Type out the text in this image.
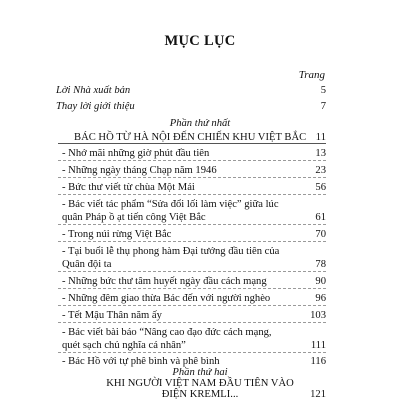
MỤC LỤC
Trang
Lời Nhà xuất bản	5
Thay lời giới thiệu	7
Phần thứ nhất
BÁC HỒ TỪ HÀ NỘI ĐẾN CHIẾN KHU VIỆT BẮC 11
- Nhớ mãi những giờ phút đầu tiên	13
- Những ngày tháng Chạp năm 1946	23
- Bức thư viết từ chùa Một Mái	56
- Bác viết tác phẩm “Sửa đổi lối làm việc” giữa lúc
quân Pháp ồ ạt tiến công Việt Bắc	61
- Trong núi rừng Việt Bắc	70
- Tại buổi lễ thụ phong hàm Đại tướng đầu tiên của
Quân đội ta	78
- Những bức thư tâm huyết ngày đầu cách mạng	90
- Những đêm giao thừa Bác đến với người nghèo	96
- Tết Mậu Thân năm ấy	103
- Bác viết bài báo “Nâng cao đạo đức cách mạng,
quét sạch chủ nghĩa cá nhân”	111
- Bác Hồ với tự phê bình và phê bình	116
Phần thứ hai
KHI NGƯỜI VIỆT NAM ĐẦU TIÊN VÀO
ĐIỆN KREMLI...	121
